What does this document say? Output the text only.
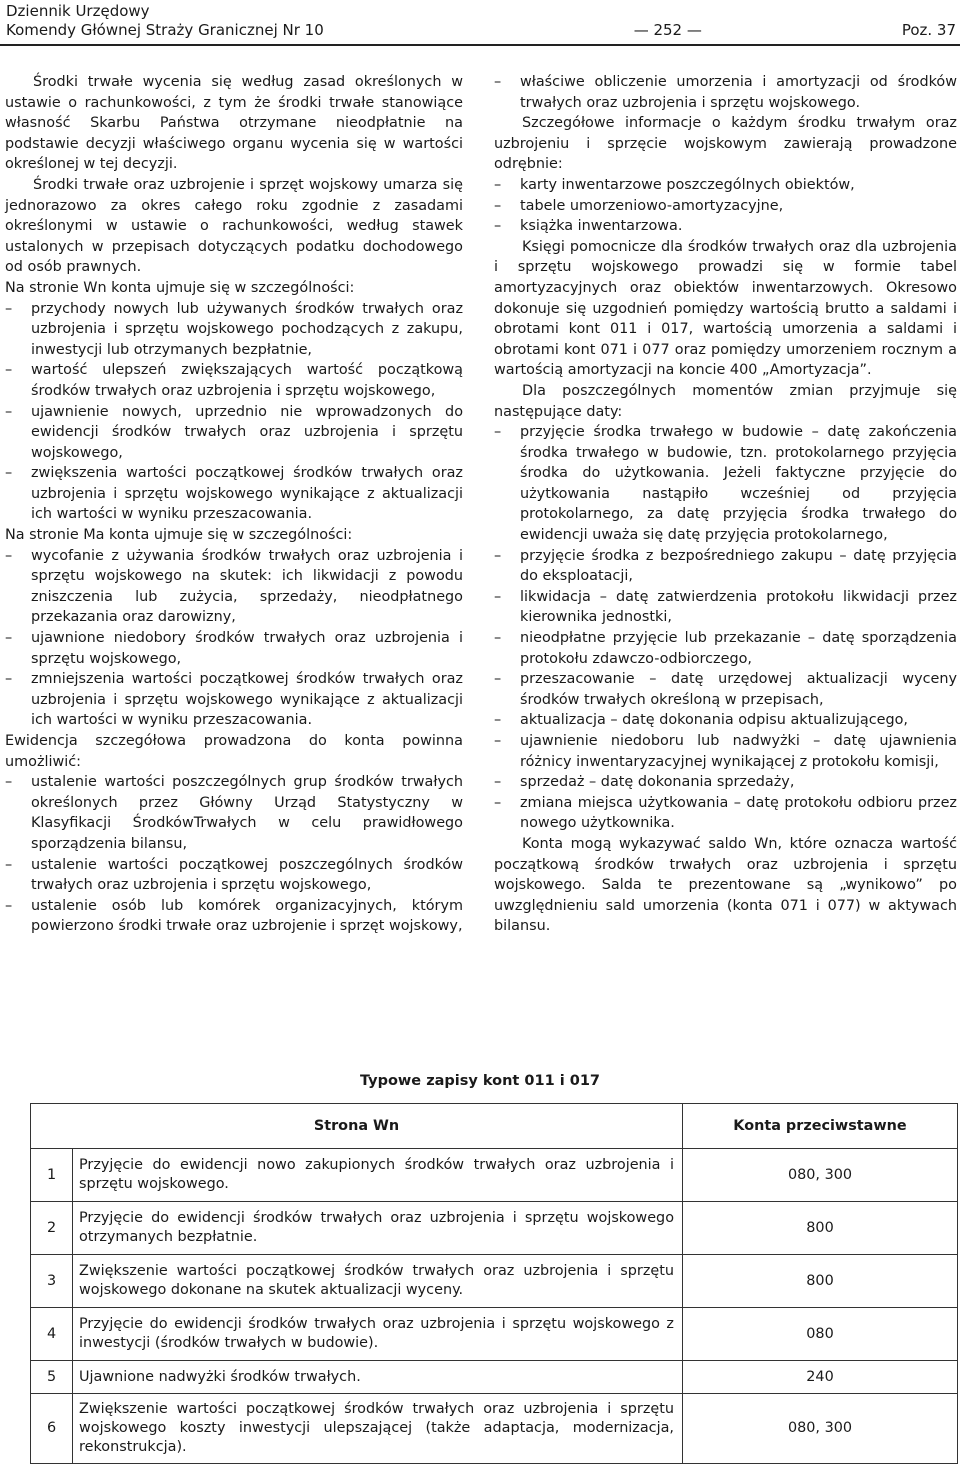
Dziennik Urzędowy
Komendy Głównej Straży Granicznej Nr 10	— 252 —	Poz. 37

Środki trwałe wycenia się według zasad określonych w ustawie o rachunkowości, z tym że środki trwałe stanowiące własność Skarbu Państwa otrzymane nieodpłatnie na podstawie decyzji właściwego organu wycenia się w wartości określonej w tej decyzji.

Środki trwałe oraz uzbrojenie i sprzęt wojskowy umarza się jednorazowo za okres całego roku zgodnie z zasadami określonymi w ustawie o rachunkowości, według stawek ustalonych w przepisach dotyczących podatku dochodowego od osób prawnych.

Na stronie Wn konta ujmuje się w szczególności:

– przychody nowych lub używanych środków trwałych oraz uzbrojenia i sprzętu wojskowego pochodzących z zakupu, inwestycji lub otrzymanych bezpłatnie,
– wartość ulepszeń zwiększających wartość początkową środków trwałych oraz uzbrojenia i sprzętu wojskowego,
– ujawnienie nowych, uprzednio nie wprowadzonych do ewidencji środków trwałych oraz uzbrojenia i sprzętu wojskowego,
– zwiększenia wartości początkowej środków trwałych oraz uzbrojenia i sprzętu wojskowego wynikające z aktualizacji ich wartości w wyniku przeszacowania.

Na stronie Ma konta ujmuje się w szczególności:

– wycofanie z używania środków trwałych oraz uzbrojenia i sprzętu wojskowego na skutek: ich likwidacji z powodu zniszczenia lub zużycia, sprzedaży, nieodpłatnego przekazania oraz darowizny,
– ujawnione niedobory środków trwałych oraz uzbrojenia i sprzętu wojskowego,
– zmniejszenia wartości początkowej środków trwałych oraz uzbrojenia i sprzętu wojskowego wynikające z aktualizacji ich wartości w wyniku przeszacowania.

Ewidencja szczegółowa prowadzona do konta powinna umożliwić:

– ustalenie wartości poszczególnych grup środków trwałych określonych przez Główny Urząd Statystyczny w Klasyfikacji ŚrodkówTrwałych w celu prawidłowego sporządzenia bilansu,
– ustalenie wartości początkowej poszczególnych środków trwałych oraz uzbrojenia i sprzętu wojskowego,
– ustalenie osób lub komórek organizacyjnych, którym powierzono środki trwałe oraz uzbrojenie i sprzęt wojskowy,
– właściwe obliczenie umorzenia i amortyzacji od środków trwałych oraz uzbrojenia i sprzętu wojskowego.

Szczegółowe informacje o każdym środku trwałym oraz uzbrojeniu i sprzęcie wojskowym zawierają prowadzone odrębnie:

– karty inwentarzowe poszczególnych obiektów,
– tabele umorzeniowo-amortyzacyjne,
– książka inwentarzowa.

Księgi pomocnicze dla środków trwałych oraz dla uzbrojenia i sprzętu wojskowego prowadzi się w formie tabel amortyzacyjnych oraz obiektów inwentarzowych. Okresowo dokonuje się uzgodnień pomiędzy wartością brutto a saldami i obrotami kont 011 i 017, wartością umorzenia a saldami i obrotami kont 071 i 077 oraz pomiędzy umorzeniem rocznym a wartością amortyzacji na koncie 400 „Amortyzacja”.

Dla poszczególnych momentów zmian przyjmuje się następujące daty:

– przyjęcie środka trwałego w budowie – datę zakończenia środka trwałego w budowie, tzn. protokolarnego przyjęcia środka do użytkowania. Jeżeli faktyczne przyjęcie do użytkowania nastąpiło wcześniej od przyjęcia protokolarnego, za datę przyjęcia środka trwałego do ewidencji uważa się datę przyjęcia protokolarnego,
– przyjęcie środka z bezpośredniego zakupu – datę przyjęcia do eksploatacji,
– likwidacja – datę zatwierdzenia protokołu likwidacji przez kierownika jednostki,
– nieodpłatne przyjęcie lub przekazanie – datę sporządzenia protokołu zdawczo-odbiorczego,
– przeszacowanie – datę urzędowej aktualizacji wyceny środków trwałych określoną w przepisach,
– aktualizacja – datę dokonania odpisu aktualizującego,
– ujawnienie niedoboru lub nadwyżki – datę ujawnienia różnicy inwentaryzacyjnej wynikającej z protokołu komisji,
– sprzedaż – datę dokonania sprzedaży,
– zmiana miejsca użytkowania – datę protokołu odbioru przez nowego użytkownika.

Konta mogą wykazywać saldo Wn, które oznacza wartość początkową środków trwałych oraz uzbrojenia i sprzętu wojskowego. Salda te prezentowane są „wynikowo” po uwzględnieniu sald umorzenia (konta 071 i 077) w aktywach bilansu.

Typowe zapisy kont 011 i 017
Strona Wn		Konta przeciwstawne
1	Przyjęcie do ewidencji nowo zakupionych środków trwałych oraz uzbrojenia i sprzętu wojskowego.	080, 300
2	Przyjęcie do ewidencji środków trwałych oraz uzbrojenia i sprzętu wojskowego otrzymanych bezpłatnie.	800
3	Zwiększenie wartości początkowej środków trwałych oraz uzbrojenia i sprzętu wojskowego dokonane na skutek aktualizacji wyceny.	800
4	Przyjęcie do ewidencji środków trwałych oraz uzbrojenia i sprzętu wojskowego z inwestycji (środków trwałych w budowie).	080
5	Ujawnione nadwyżki środków trwałych.	240
6	Zwiększenie wartości początkowej środków trwałych oraz uzbrojenia i sprzętu wojskowego koszty inwestycji ulepszającej (także adaptacja, modernizacja, rekonstrukcja).	080, 300
